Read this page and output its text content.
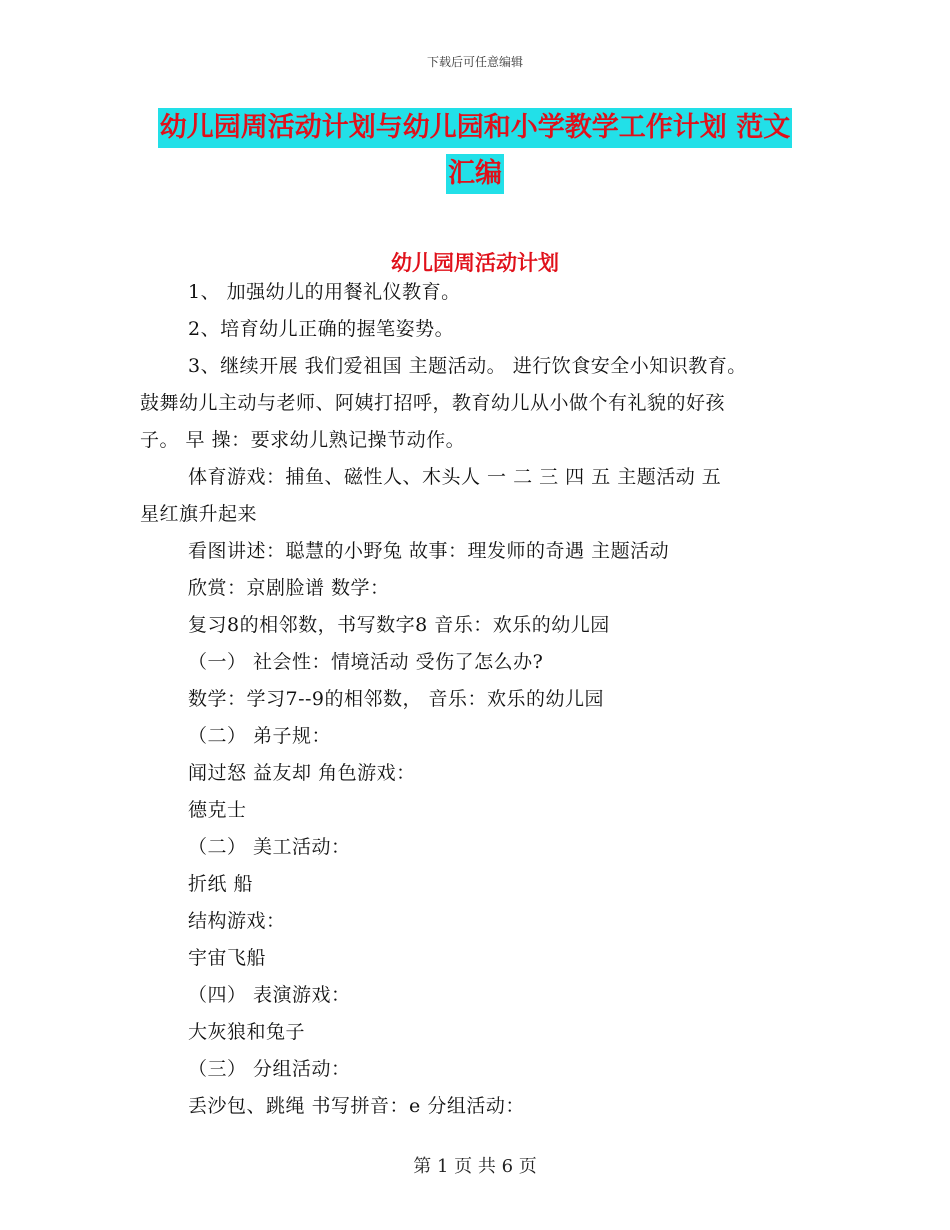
下载后可任意编辑
幼儿园周活动计划与幼儿园和小学教学工作计划 范文
汇编
幼儿园周活动计划

1、 加强幼儿的用餐礼仪教育。

2、培育幼儿正确的握笔姿势。

3、继续开展 我们爱祖国 主题活动。 进行饮食安全小知识教育。

鼓舞幼儿主动与老师、阿姨打招呼，教育幼儿从小做个有礼貌的好孩

子。 早 操：要求幼儿熟记操节动作。

体育游戏：捕鱼、磁性人、木头人 一 二 三 四 五 主题活动 五

星红旗升起来

看图讲述：聪慧的小野兔 故事：理发师的奇遇 主题活动

欣赏：京剧脸谱 数学：

复习8的相邻数，书写数字8 音乐：欢乐的幼儿园

（一） 社会性：情境活动 受伤了怎么办?

数学：学习7--9的相邻数， 音乐：欢乐的幼儿园

（二） 弟子规：

闻过怒 益友却 角色游戏：

德克士

（二） 美工活动：

折纸 船

结构游戏：

宇宙飞船

（四） 表演游戏：

大灰狼和兔子

（三） 分组活动：

丢沙包、跳绳 书写拼音：e 分组活动：

第 1 页 共 6 页
